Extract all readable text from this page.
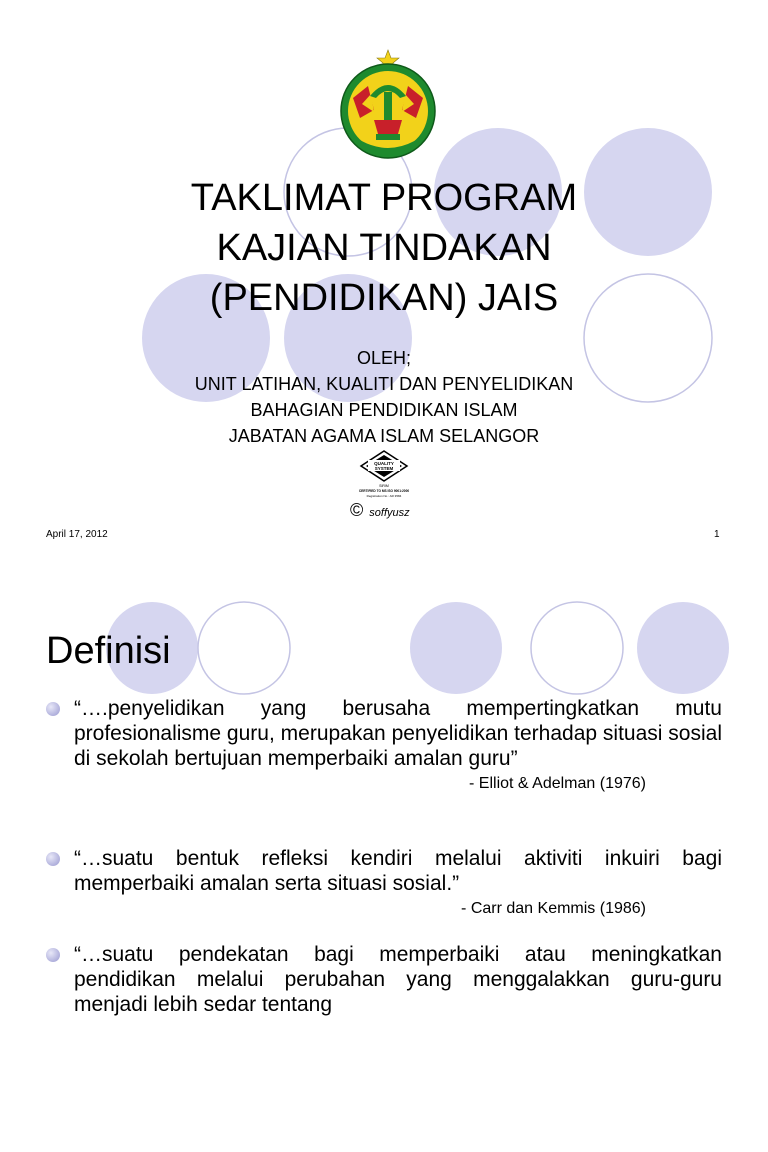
TAKLIMAT PROGRAM
KAJIAN TINDAKAN
(PENDIDIKAN) JAIS
OLEH;
UNIT LATIHAN, KUALITI DAN PENYELIDIKAN
BAHAGIAN PENDIDIKAN ISLAM
JABATAN AGAMA ISLAM SELANGOR
QUALITY
SYSTEM
SIRIM
CERTIFIED TO MS ISO 9001:2000
Registration No : AR 3584
© soffyusz
April 17, 2012	1
Definisi
“….penyelidikan yang berusaha mempertingkatkan mutu profesionalisme guru, merupakan penyelidikan terhadap situasi sosial di sekolah bertujuan memperbaiki amalan guru”
- Elliot & Adelman (1976)
“…suatu bentuk refleksi kendiri melalui aktiviti inkuiri bagi memperbaiki amalan serta situasi sosial.”
- Carr dan Kemmis (1986)
“…suatu pendekatan bagi memperbaiki atau meningkatkan pendidikan melalui perubahan yang menggalakkan guru-guru menjadi lebih sedar tentang
